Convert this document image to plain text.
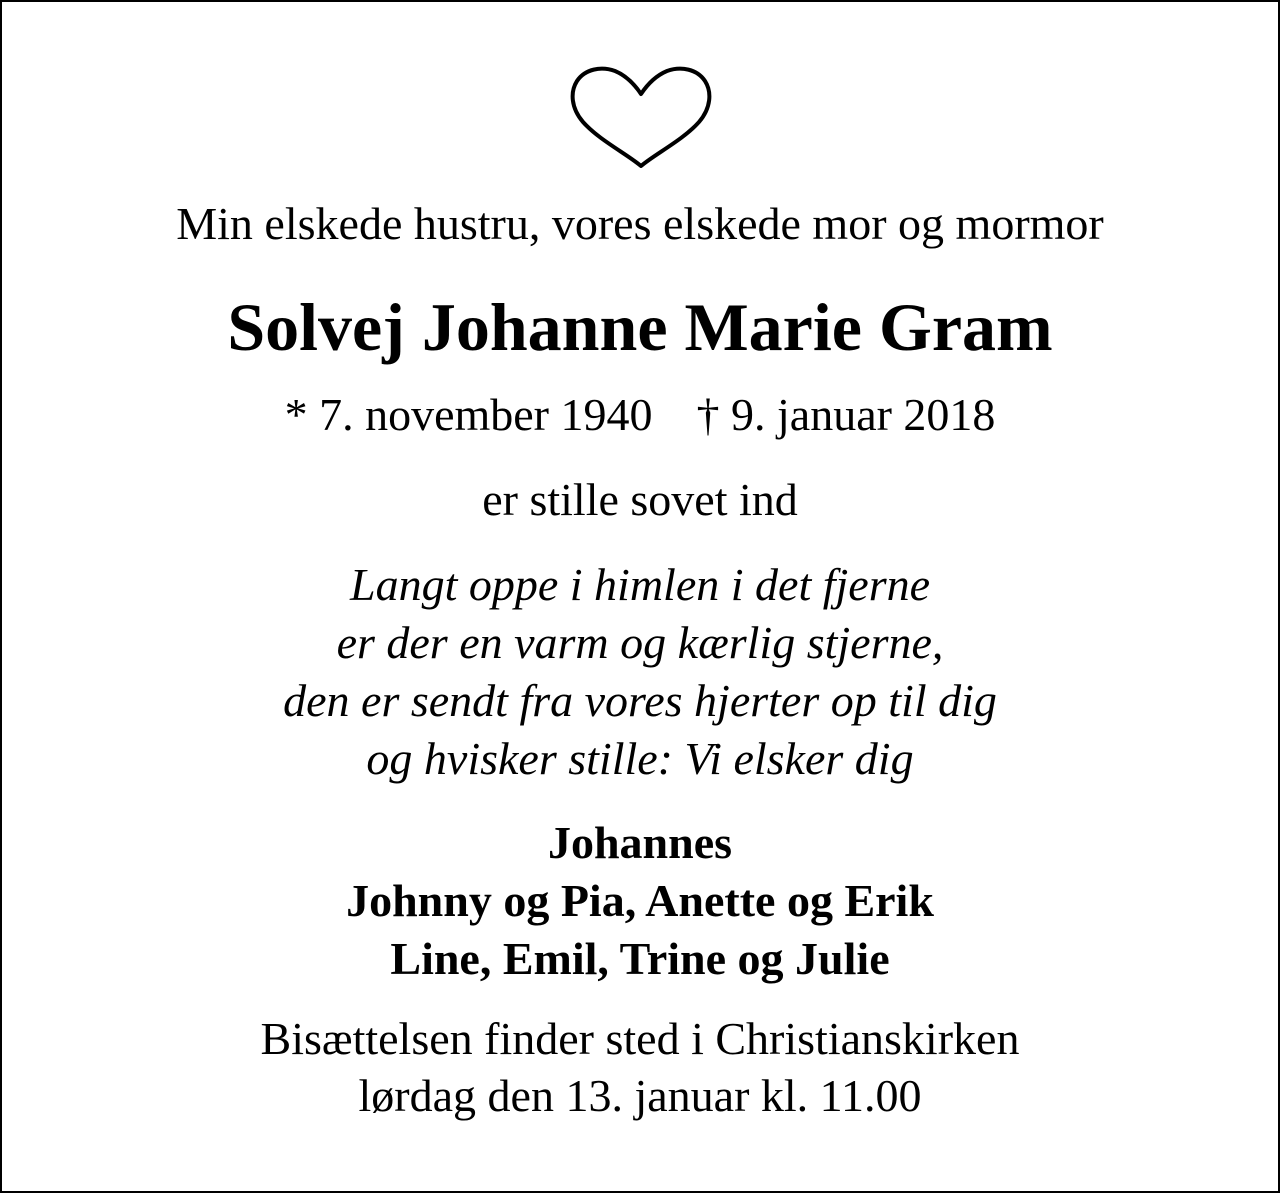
Min elskede hustru, vores elskede mor og mormor
Solvej Johanne Marie Gram
* 7. november 1940 † 9. januar 2018
er stille sovet ind
Langt oppe i himlen i det fjerne
er der en varm og kærlig stjerne,
den er sendt fra vores hjerter op til dig
og hvisker stille: Vi elsker dig
Johannes
Johnny og Pia, Anette og Erik
Line, Emil, Trine og Julie
Bisættelsen finder sted i Christianskirken
lørdag den 13. januar kl. 11.00
